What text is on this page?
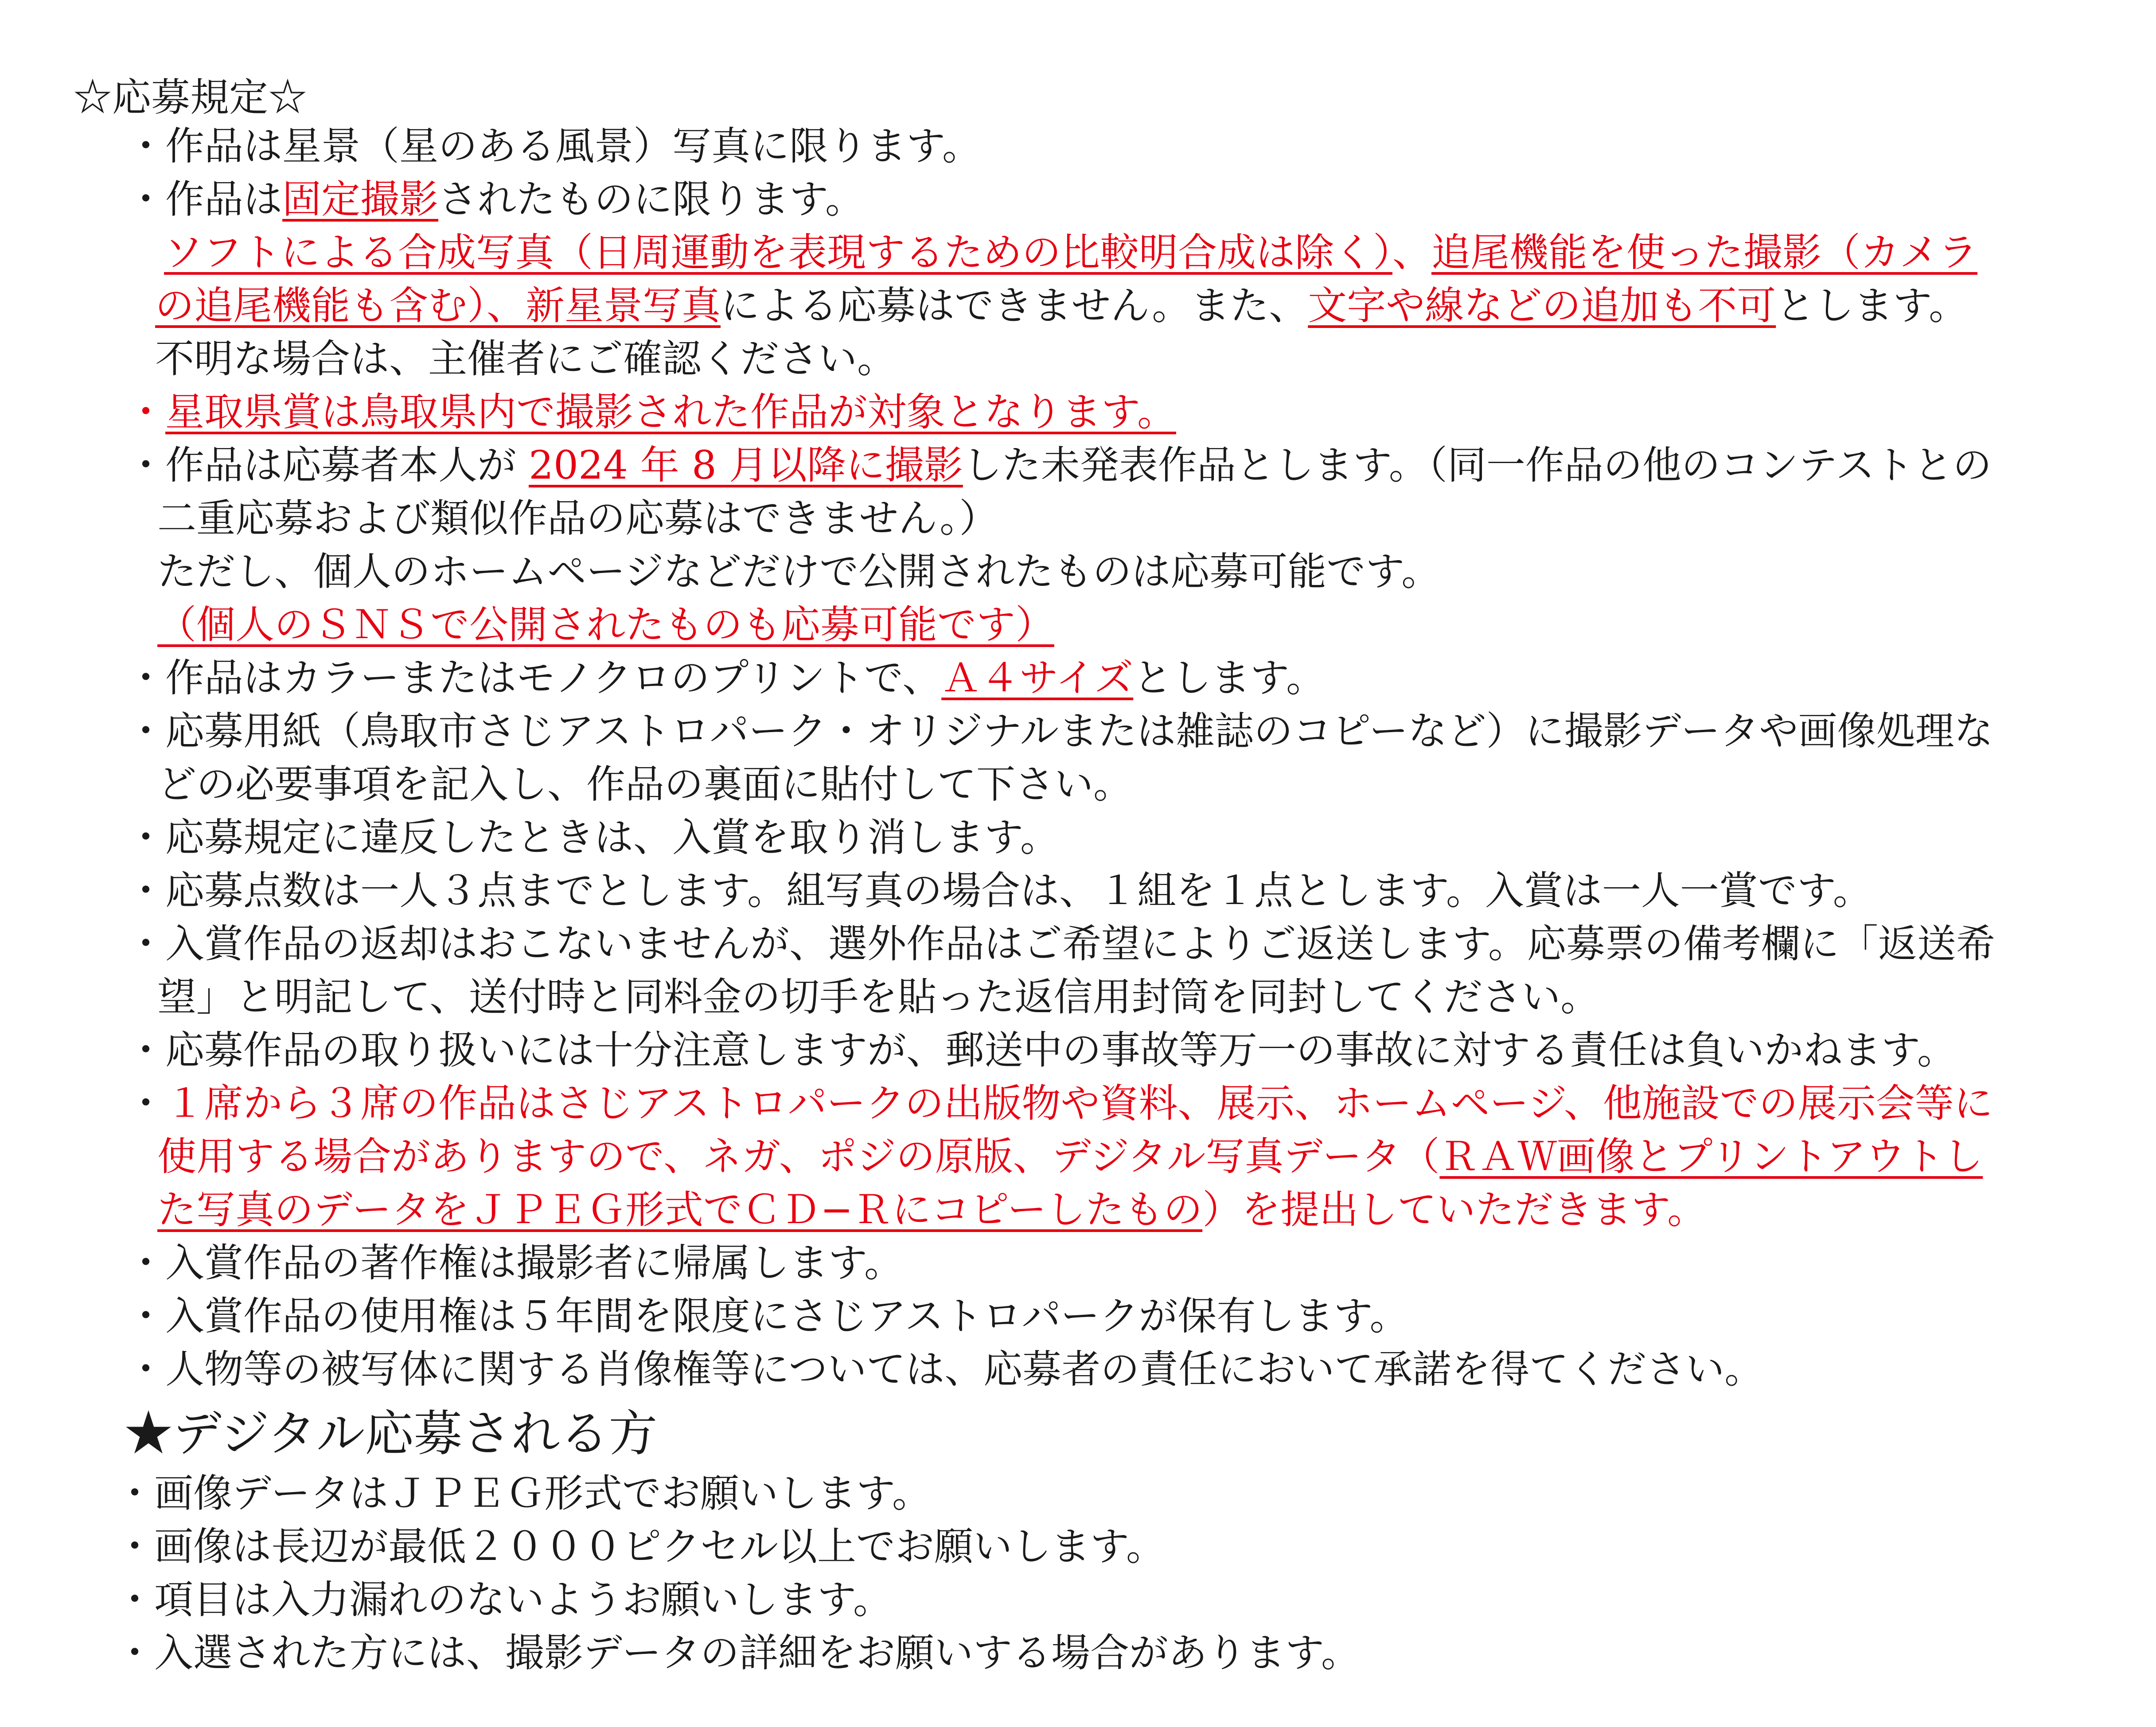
☆応募規定☆
・作品は星景（星のある風景）写真に限ります。
・作品は固定撮影されたものに限ります。
ソフトによる合成写真（日周運動を表現するための比較明合成は除く）、追尾機能を使った撮影（カメラ
の追尾機能も含む）、新星景写真による応募はできません。また、文字や線などの追加も不可とします。
不明な場合は、主催者にご確認ください。
・星取県賞は鳥取県内で撮影された作品が対象となります。
・作品は応募者本人が 2024 年 8 月以降に撮影した未発表作品とします。（同一作品の他のコンテストとの
二重応募および類似作品の応募はできません。）
ただし、個人のホームページなどだけで公開されたものは応募可能です。
（個人のＳＮＳで公開されたものも応募可能です）
・作品はカラーまたはモノクロのプリントで、Ａ４サイズとします。
・応募用紙（鳥取市さじアストロパーク・オリジナルまたは雑誌のコピーなど）に撮影データや画像処理な
どの必要事項を記入し、作品の裏面に貼付して下さい。
・応募規定に違反したときは、入賞を取り消します。
・応募点数は一人３点までとします。組写真の場合は、１組を１点とします。入賞は一人一賞です。
・入賞作品の返却はおこないませんが、選外作品はご希望によりご返送します。応募票の備考欄に「返送希
望」と明記して、送付時と同料金の切手を貼った返信用封筒を同封してください。
・応募作品の取り扱いには十分注意しますが、郵送中の事故等万一の事故に対する責任は負いかねます。
・１席から３席の作品はさじアストロパークの出版物や資料、展示、ホームページ、他施設での展示会等に
使用する場合がありますので、ネガ、ポジの原版、デジタル写真データ（ＲＡＷ画像とプリントアウトし
た写真のデータをＪＰＥＧ形式でＣＤ−Ｒにコピーしたもの）を提出していただきます。
・入賞作品の著作権は撮影者に帰属します。
・入賞作品の使用権は５年間を限度にさじアストロパークが保有します。
・人物等の被写体に関する肖像権等については、応募者の責任において承諾を得てください。
★デジタル応募される方
・画像データはＪＰＥＧ形式でお願いします。
・画像は長辺が最低２０００ピクセル以上でお願いします。
・項目は入力漏れのないようお願いします。
・入選された方には、撮影データの詳細をお願いする場合があります。
